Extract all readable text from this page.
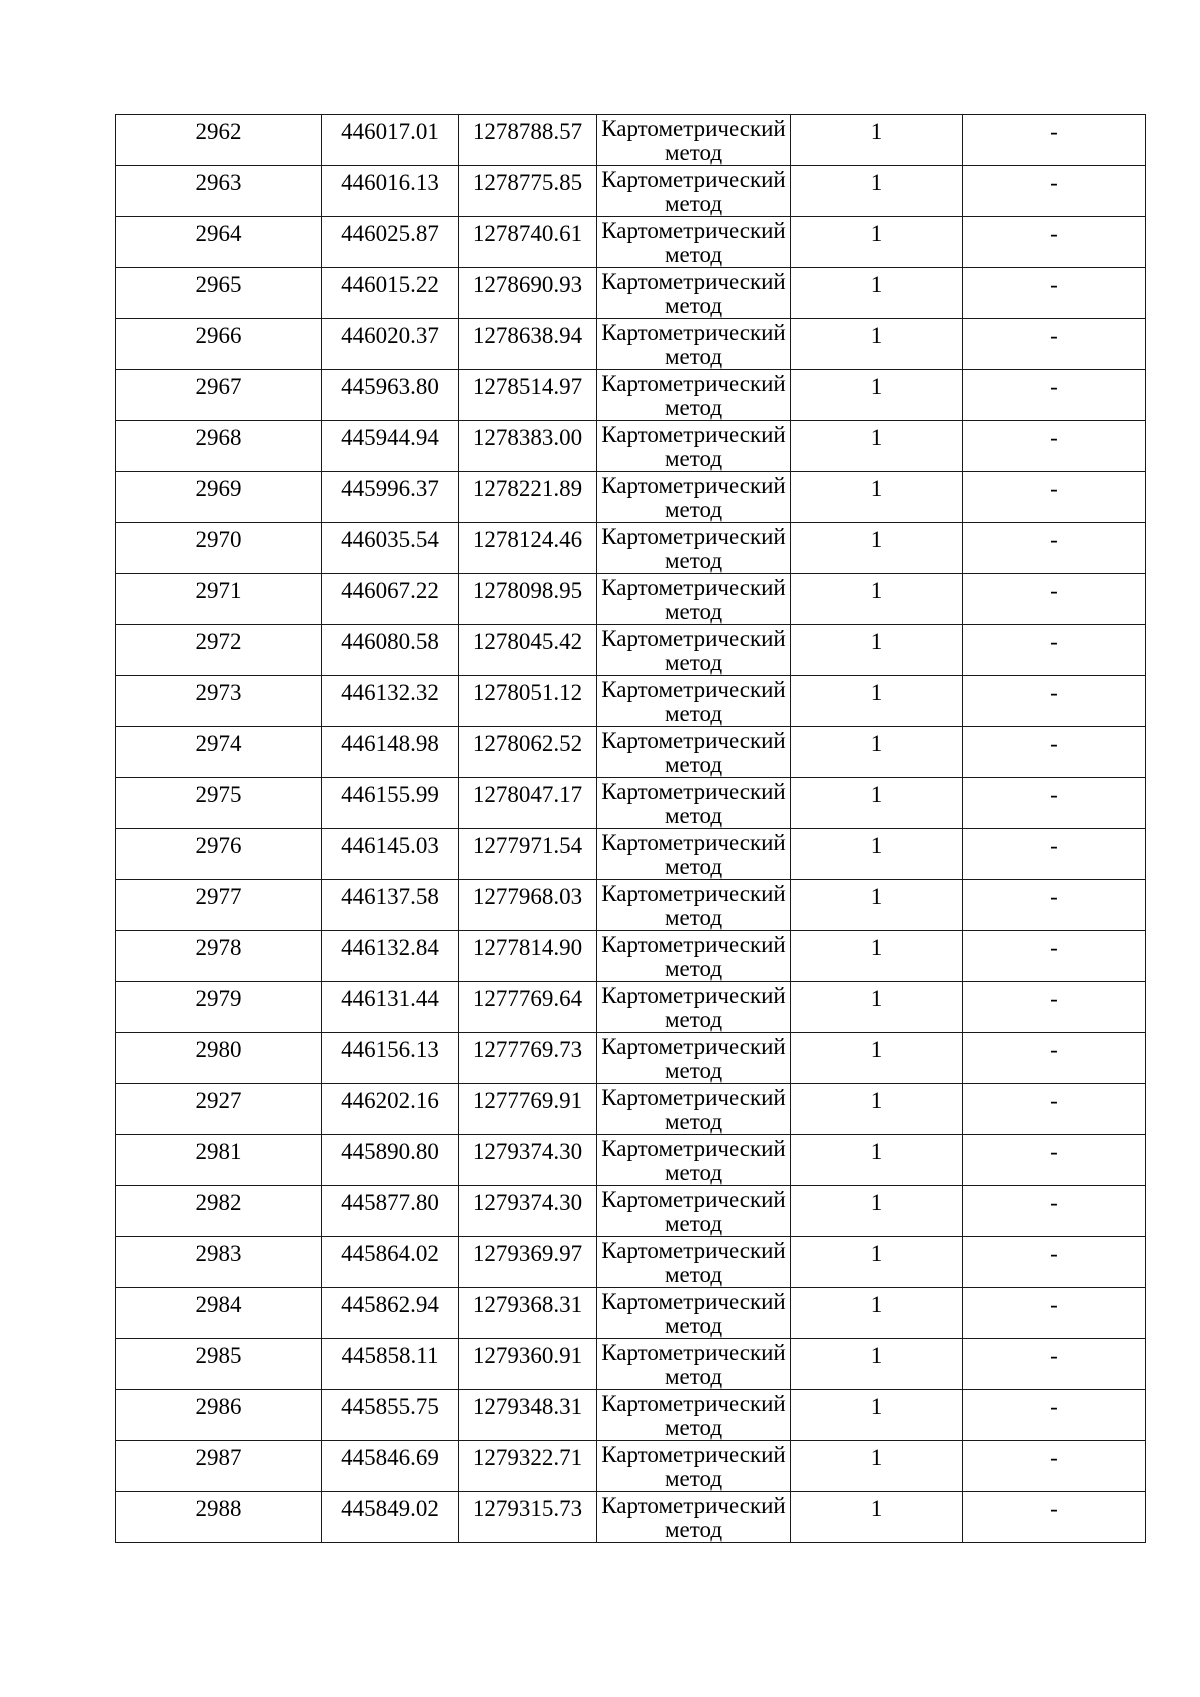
2962	446017.01	1278788.57	Картометрический метод	1	-

2963	446016.13	1278775.85	Картометрический метод	1	-

2964	446025.87	1278740.61	Картометрический метод	1	-

2965	446015.22	1278690.93	Картометрический метод	1	-

2966	446020.37	1278638.94	Картометрический метод	1	-

2967	445963.80	1278514.97	Картометрический метод	1	-

2968	445944.94	1278383.00	Картометрический метод	1	-

2969	445996.37	1278221.89	Картометрический метод	1	-

2970	446035.54	1278124.46	Картометрический метод	1	-

2971	446067.22	1278098.95	Картометрический метод	1	-

2972	446080.58	1278045.42	Картометрический метод	1	-

2973	446132.32	1278051.12	Картометрический метод	1	-

2974	446148.98	1278062.52	Картометрический метод	1	-

2975	446155.99	1278047.17	Картометрический метод	1	-

2976	446145.03	1277971.54	Картометрический метод	1	-

2977	446137.58	1277968.03	Картометрический метод	1	-

2978	446132.84	1277814.90	Картометрический метод	1	-

2979	446131.44	1277769.64	Картометрический метод	1	-

2980	446156.13	1277769.73	Картометрический метод	1	-

2927	446202.16	1277769.91	Картометрический метод	1	-

2981	445890.80	1279374.30	Картометрический метод	1	-

2982	445877.80	1279374.30	Картометрический метод	1	-

2983	445864.02	1279369.97	Картометрический метод	1	-

2984	445862.94	1279368.31	Картометрический метод	1	-

2985	445858.11	1279360.91	Картометрический метод	1	-

2986	445855.75	1279348.31	Картометрический метод	1	-

2987	445846.69	1279322.71	Картометрический метод	1	-

2988	445849.02	1279315.73	Картометрический метод	1	-
